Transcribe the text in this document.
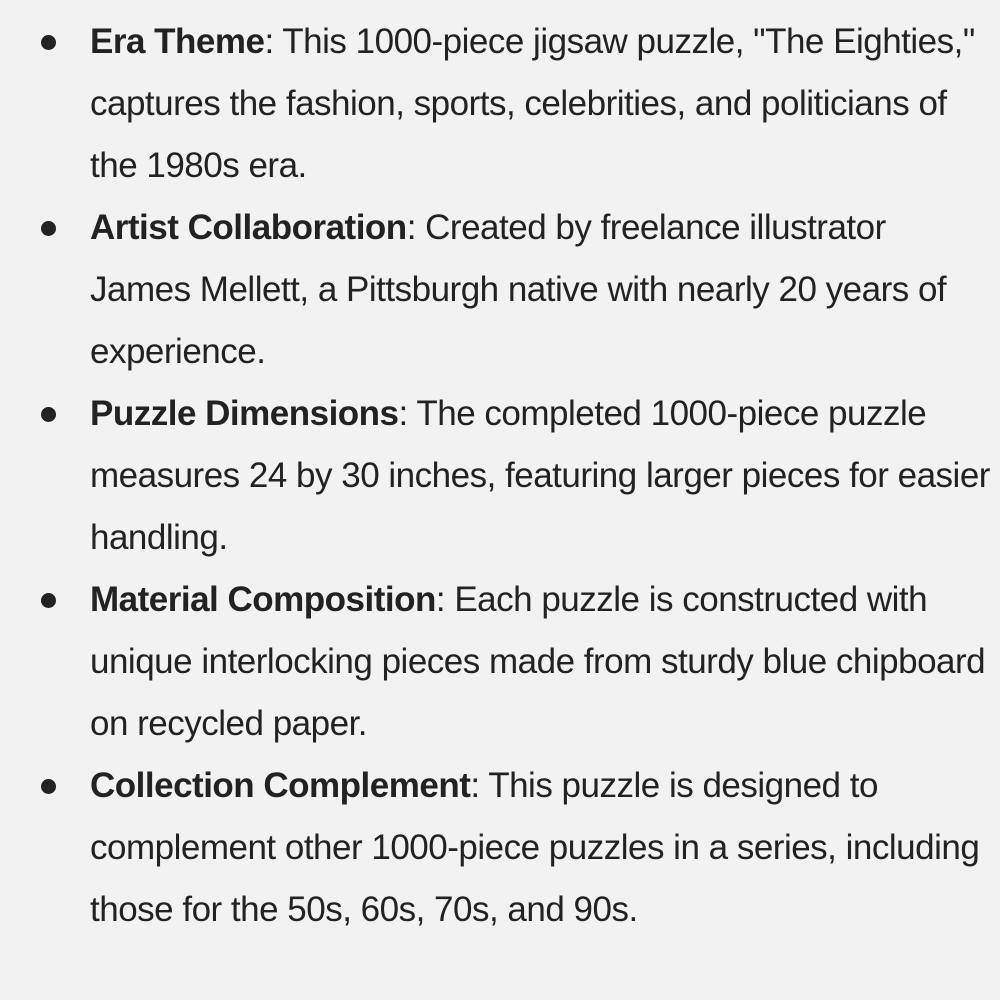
Era Theme: This 1000-piece jigsaw puzzle, "The Eighties," captures the fashion, sports, celebrities, and politicians of the 1980s era.
Artist Collaboration: Created by freelance illustrator James Mellett, a Pittsburgh native with nearly 20 years of experience.
Puzzle Dimensions: The completed 1000-piece puzzle measures 24 by 30 inches, featuring larger pieces for easier handling.
Material Composition: Each puzzle is constructed with unique interlocking pieces made from sturdy blue chipboard on recycled paper.
Collection Complement: This puzzle is designed to complement other 1000-piece puzzles in a series, including those for the 50s, 60s, 70s, and 90s.
